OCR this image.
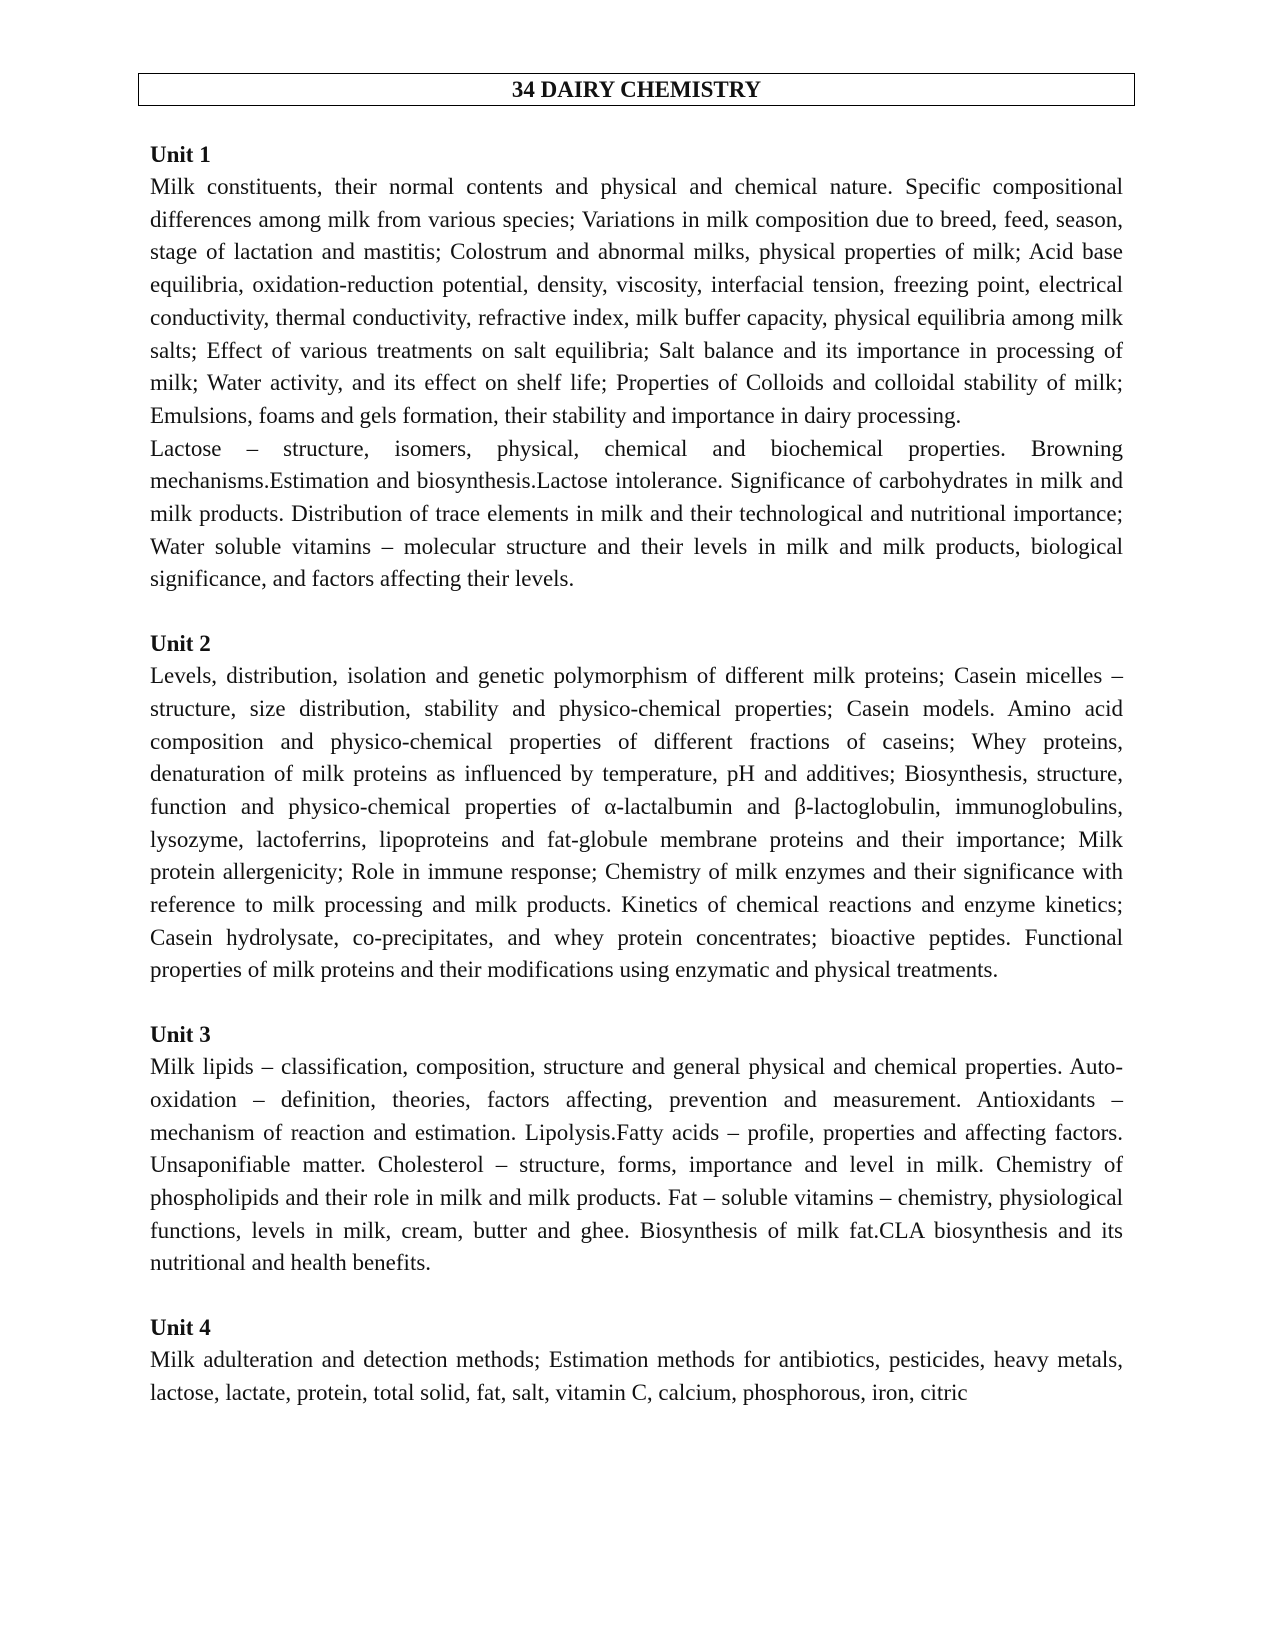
34 DAIRY CHEMISTRY
Unit 1

Milk constituents, their normal contents and physical and chemical nature. Specific compositional differences among milk from various species; Variations in milk composition due to breed, feed, season, stage of lactation and mastitis; Colostrum and abnormal milks, physical properties of milk; Acid base equilibria, oxidation-reduction potential, density, viscosity, interfacial tension, freezing point, electrical conductivity, thermal conductivity, refractive index, milk buffer capacity, physical equilibria among milk salts; Effect of various treatments on salt equilibria; Salt balance and its importance in processing of milk; Water activity, and its effect on shelf life; Properties of Colloids and colloidal stability of milk; Emulsions, foams and gels formation, their stability and importance in dairy processing.

Lactose – structure, isomers, physical, chemical and biochemical properties. Browning mechanisms.Estimation and biosynthesis.Lactose intolerance. Significance of carbohydrates in milk and milk products. Distribution of trace elements in milk and their technological and nutritional importance; Water soluble vitamins – molecular structure and their levels in milk and milk products, biological significance, and factors affecting their levels.

Unit 2

Levels, distribution, isolation and genetic polymorphism of different milk proteins; Casein micelles – structure, size distribution, stability and physico-chemical properties; Casein models. Amino acid composition and physico-chemical properties of different fractions of caseins; Whey proteins, denaturation of milk proteins as influenced by temperature, pH and additives; Biosynthesis, structure, function and physico-chemical properties of α-lactalbumin and β-lactoglobulin, immunoglobulins, lysozyme, lactoferrins, lipoproteins and fat-globule membrane proteins and their importance; Milk protein allergenicity; Role in immune response; Chemistry of milk enzymes and their significance with reference to milk processing and milk products. Kinetics of chemical reactions and enzyme kinetics; Casein hydrolysate, co-precipitates, and whey protein concentrates; bioactive peptides. Functional properties of milk proteins and their modifications using enzymatic and physical treatments.

Unit 3

Milk lipids – classification, composition, structure and general physical and chemical properties. Auto-oxidation – definition, theories, factors affecting, prevention and measurement. Antioxidants – mechanism of reaction and estimation. Lipolysis.Fatty acids – profile, properties and affecting factors. Unsaponifiable matter. Cholesterol – structure, forms, importance and level in milk. Chemistry of phospholipids and their role in milk and milk products. Fat – soluble vitamins – chemistry, physiological functions, levels in milk, cream, butter and ghee. Biosynthesis of milk fat.CLA biosynthesis and its nutritional and health benefits.

Unit 4

Milk adulteration and detection methods; Estimation methods for antibiotics, pesticides, heavy metals, lactose, lactate, protein, total solid, fat, salt, vitamin C, calcium, phosphorous, iron, citric
